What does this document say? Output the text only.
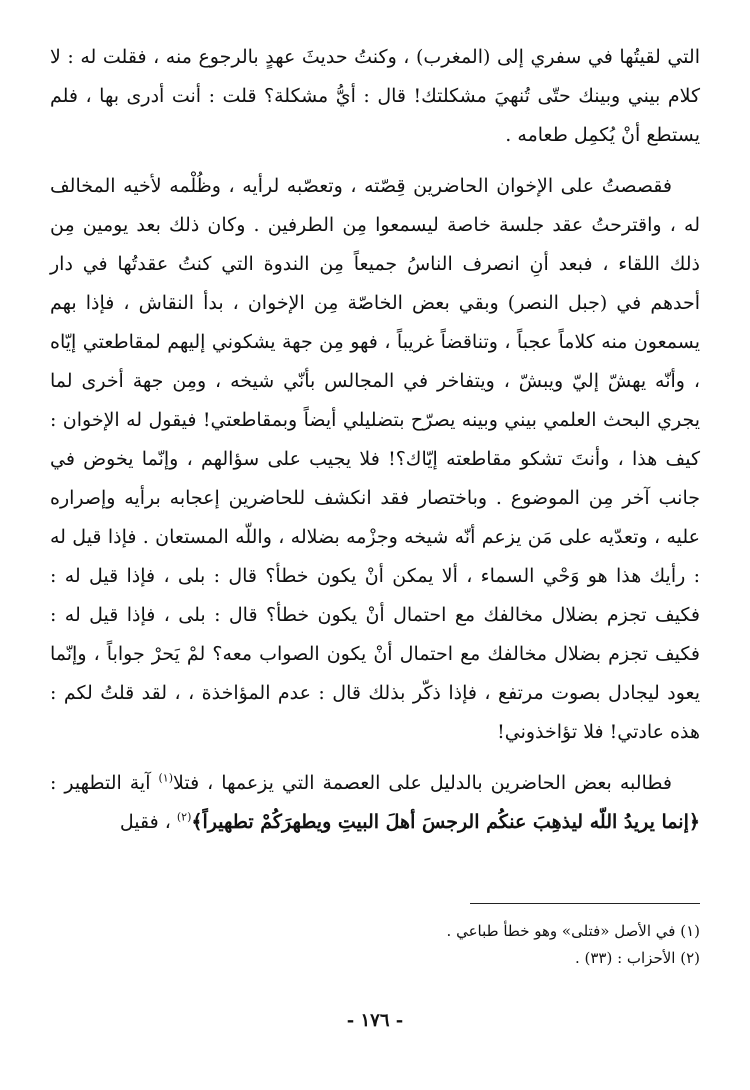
التي لقيتُها في سفري إلى (المغرب) ، وكنتُ حديثَ عهدٍ بالرجوع منه ، فقلت له : لا كلام بيني وبينك حتّى تُنهيَ مشكلتك! قال : أيُّ مشكلة؟ قلت : أنت أدرى بها ، فلم يستطع أنْ يُكمِل طعامه .

فقصصتُ على الإخوان الحاضرين قِصّته ، وتعصّبه لرأيه ، وظُلْمه لأخيه المخالف له ، واقترحتُ عقد جلسة خاصة ليسمعوا مِن الطرفين . وكان ذلك بعد يومين مِن ذلك اللقاء ، فبعد أنِ انصرف الناسُ جميعاً مِن الندوة التي كنتُ عقدتُها في دار أحدهم في (جبل النصر) وبقي بعض الخاصّة مِن الإخوان ، بدأ النقاش ، فإذا بهم يسمعون منه كلاماً عجباً ، وتناقضاً غريباً ، فهو مِن جهة يشكوني إليهم لمقاطعتي إيّاه ، وأنّه يهشّ إليّ ويبشّ ، ويتفاخر في المجالس بأنّي شيخه ، ومِن جهة أخرى لما يجري البحث العلمي بيني وبينه يصرّح بتضليلي أيضاً وبمقاطعتي! فيقول له الإخوان : كيف هذا ، وأنتَ تشكو مقاطعته إيّاك؟! فلا يجيب على سؤالهم ، وإنّما يخوض في جانب آخر مِن الموضوع . وباختصار فقد انكشف للحاضرين إعجابه برأيه وإصراره عليه ، وتعدّيه على مَن يزعم أنّه شيخه وجزْمه بضلاله ، واللّه المستعان . فإذا قيل له : رأيك هذا هو وَحْي السماء ، ألا يمكن أنْ يكون خطأ؟ قال : بلى ، فإذا قيل له : فكيف تجزم بضلال مخالفك مع احتمال أنْ يكون خطأ؟ قال : بلى ، فإذا قيل له : فكيف تجزم بضلال مخالفك مع احتمال أنْ يكون الصواب معه؟ لمْ يَحرْ جواباً ، وإنّما يعود ليجادل بصوت مرتفع ، فإذا ذكّر بذلك قال : عدم المؤاخذة ، ، لقد قلتُ لكم : هذه عادتي! فلا تؤاخذوني!

فطالبه بعض الحاضرين بالدليل على العصمة التي يزعمها ، فتلا$^{(١)}$ آية التطهير : ﴿إنما يريدُ اللّه ليذهِبَ عنكُم الرجسَ أهلَ البيتِ ويطهرَكُمْ تطهيراً﴾$^{(٢)}$ ، فقيل

(١) في الأصل «فتلى» وهو خطأ طباعي .

(٢) الأحزاب : (٣٣) .

- ١٧٦ -
